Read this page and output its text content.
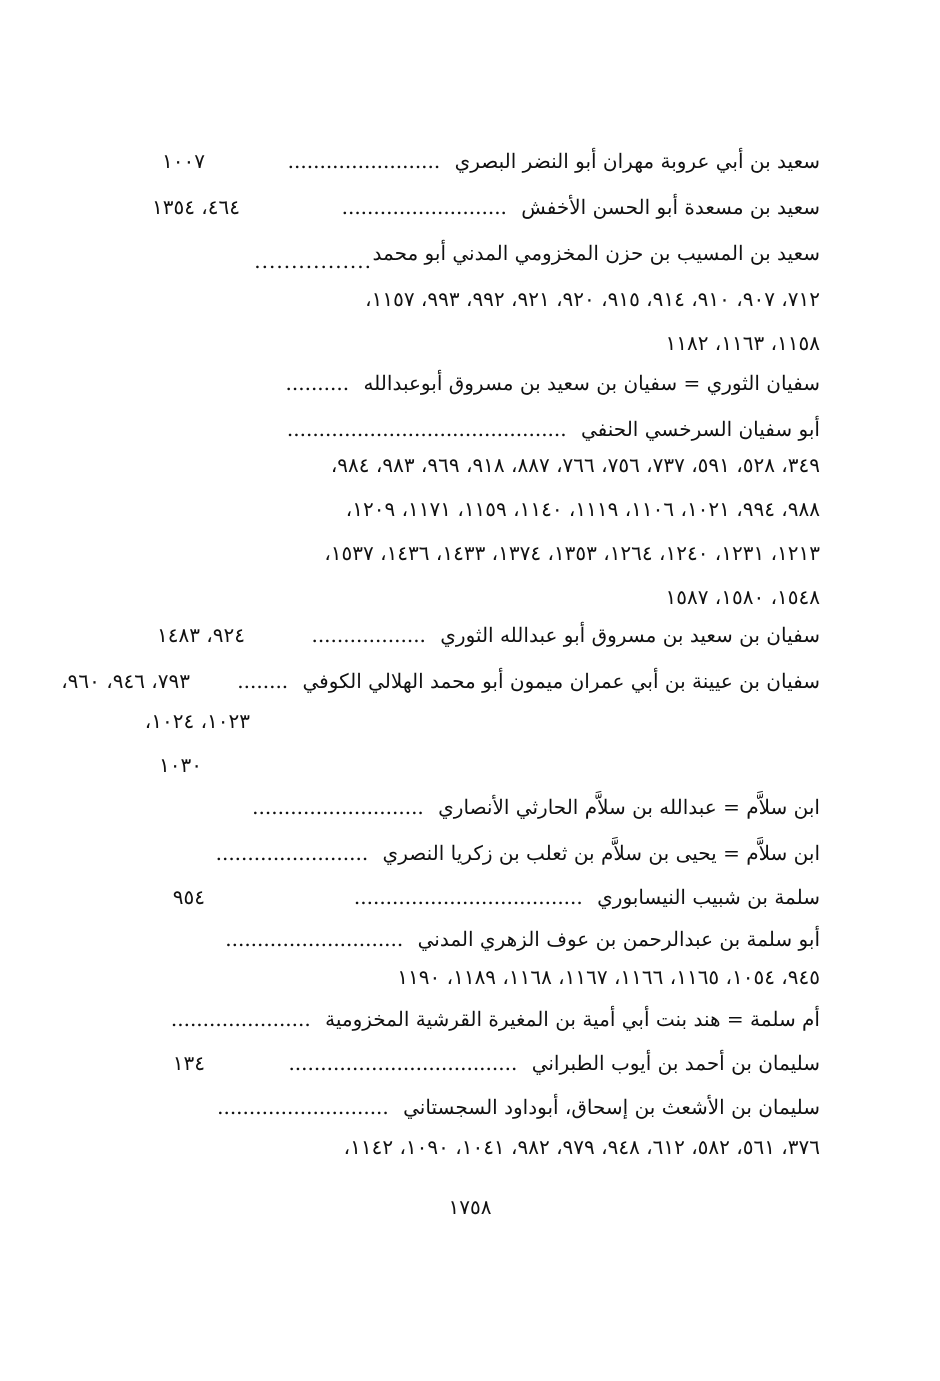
سعيد بن أبي عروبة مهران أبو النضر البصري ........................
١٠٠٧
سعيد بن مسعدة أبو الحسن الأخفش ..........................
٤٦٤، ١٣٥٤
سعيد بن المسيب بن حزن المخزومي المدني أبو محمد
................
٧١٢، ٩٠٧، ٩١٠، ٩١٤، ٩١٥، ٩٢٠، ٩٢١، ٩٩٢، ٩٩٣، ١١٥٧،
١١٥٨، ١١٦٣، ١١٨٢
سفيان الثوري = سفيان بن سعيد بن مسروق أبوعبدالله ..........
أبو سفيان السرخسي الحنفي ............................................
٣٤٩، ٥٢٨، ٥٩١، ٧٣٧، ٧٥٦، ٧٦٦، ٨٨٧، ٩١٨، ٩٦٩، ٩٨٣، ٩٨٤،
٩٨٨، ٩٩٤، ١٠٢١، ١١٠٦، ١١١٩، ١١٤٠، ١١٥٩، ١١٧١، ١٢٠٩،
١٢١٣، ١٢٣١، ١٢٤٠، ١٢٦٤، ١٣٥٣، ١٣٧٤، ١٤٣٣، ١٤٣٦، ١٥٣٧،
١٥٤٨، ١٥٨٠، ١٥٨٧
سفيان بن سعيد بن مسروق أبو عبدالله الثوري ..................
٩٢٤، ١٤٨٣
سفيان بن عيينة بن أبي عمران ميمون أبو محمد الهلالي الكوفي ........
٧٩٣، ٩٤٦، ٩٦٠،
١٠٢٣، ١٠٢٤،
١٠٣٠
ابن سلاَّم = عبدالله بن سلاَّم الحارثي الأنصاري ...........................
ابن سلاَّم = يحيى بن سلاَّم بن ثعلب بن زكريا النصري ........................
سلمة بن شبيب النيسابوري ....................................
٩٥٤
أبو سلمة بن عبدالرحمن بن عوف الزهري المدني ............................
٩٤٥، ١٠٥٤، ١١٦٥، ١١٦٦، ١١٦٧، ١١٦٨، ١١٨٩، ١١٩٠
أم سلمة = هند بنت أبي أمية بن المغيرة القرشية المخزومية ......................
سليمان بن أحمد بن أيوب الطبراني ....................................
١٣٤
سليمان بن الأشعث بن إسحاق، أبوداود السجستاني ...........................
٣٧٦، ٥٦١، ٥٨٢، ٦١٢، ٩٤٨، ٩٧٩، ٩٨٢، ١٠٤١، ١٠٩٠، ١١٤٢،
١٧٥٨
